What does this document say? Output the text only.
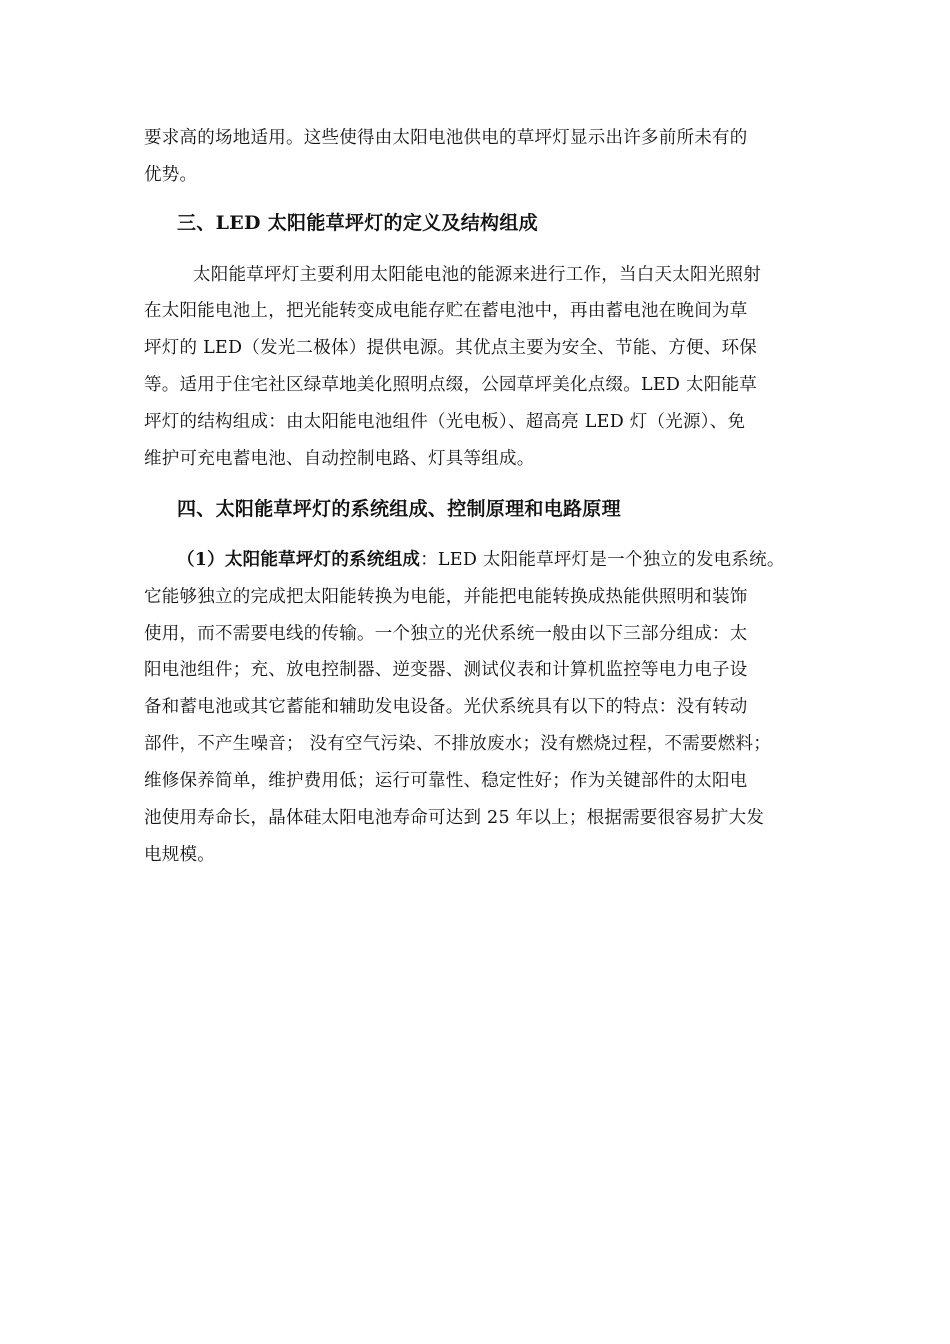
要求高的场地适用。这些使得由太阳电池供电的草坪灯显示出许多前所未有的
优势。
三、LED 太阳能草坪灯的定义及结构组成
太阳能草坪灯主要利用太阳能电池的能源来进行工作，当白天太阳光照射
在太阳能电池上，把光能转变成电能存贮在蓄电池中，再由蓄电池在晚间为草
坪灯的 LED（发光二极体）提供电源。其优点主要为安全、节能、方便、环保
等。适用于住宅社区绿草地美化照明点缀，公园草坪美化点缀。LED 太阳能草
坪灯的结构组成：由太阳能电池组件（光电板）、超高亮 LED 灯（光源）、免
维护可充电蓄电池、自动控制电路、灯具等组成。
四、太阳能草坪灯的系统组成、控制原理和电路原理
（1）太阳能草坪灯的系统组成：LED 太阳能草坪灯是一个独立的发电系统。
它能够独立的完成把太阳能转换为电能，并能把电能转换成热能供照明和装饰
使用，而不需要电线的传输。一个独立的光伏系统一般由以下三部分组成：太
阳电池组件；充、放电控制器、逆变器、测试仪表和计算机监控等电力电子设
备和蓄电池或其它蓄能和辅助发电设备。光伏系统具有以下的特点：没有转动
部件，不产生噪音； 没有空气污染、不排放废水；没有燃烧过程，不需要燃料；
维修保养简单，维护费用低；运行可靠性、稳定性好；作为关键部件的太阳电
池使用寿命长，晶体硅太阳电池寿命可达到 25 年以上；根据需要很容易扩大发
电规模。
